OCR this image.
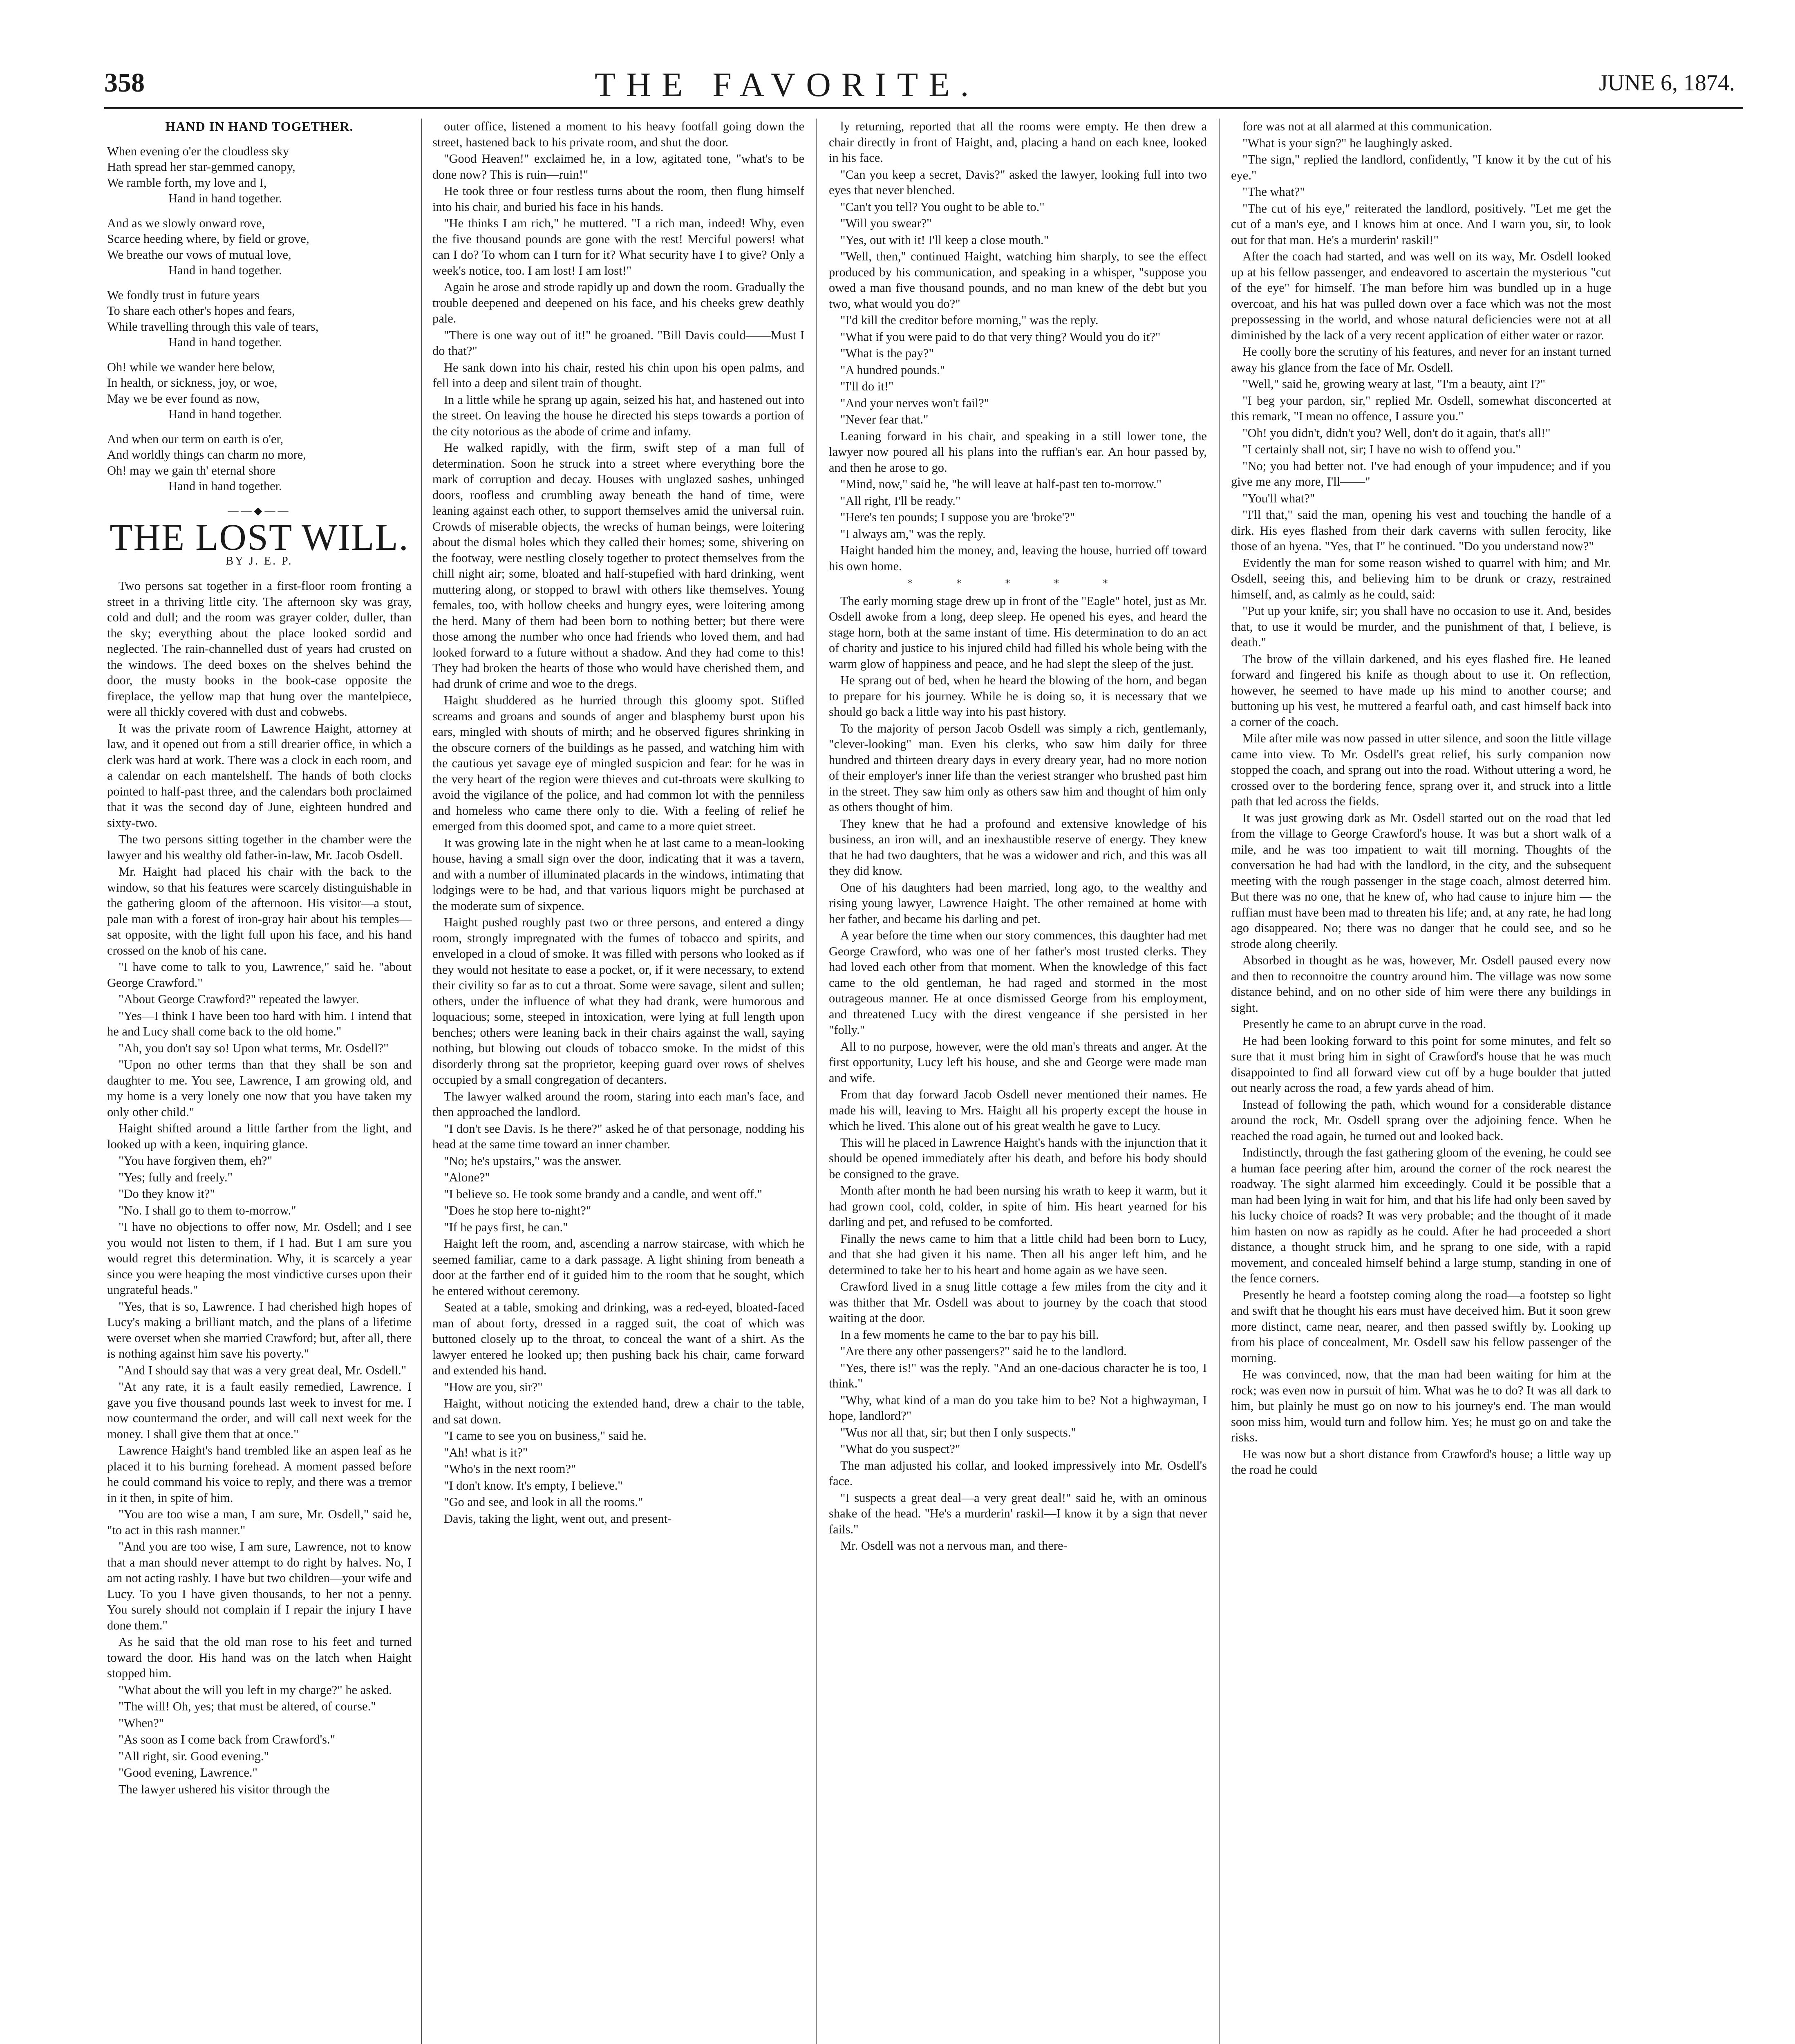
358	THE FAVORITE.	JUNE 6, 1874.
HAND IN HAND TOGETHER.
When evening o'er the cloudless sky
Hath spread her star-gemmed canopy,
We ramble forth, my love and I,
Hand in hand together.
And as we slowly onward rove,
Scarce heeding where, by field or grove,
We breathe our vows of mutual love,
Hand in hand together.
We fondly trust in future years
To share each other's hopes and fears,
While travelling through this vale of tears,
Hand in hand together.
Oh! while we wander here below,
In health, or sickness, joy, or woe,
May we be ever found as now,
Hand in hand together.
And when our term on earth is o'er,
And worldly things can charm no more,
Oh! may we gain th' eternal shore
Hand in hand together.
——◆——
THE LOST WILL.
BY J. E. P.

Two persons sat together in a first-floor room fronting a street in a thriving little city. The afternoon sky was gray, cold and dull; and the room was grayer colder, duller, than the sky; everything about the place looked sordid and neglected. The rain-channelled dust of years had crusted on the windows. The deed boxes on the shelves behind the door, the musty books in the book-case opposite the fireplace, the yellow map that hung over the mantelpiece, were all thickly covered with dust and cobwebs.

It was the private room of Lawrence Haight, attorney at law, and it opened out from a still drearier office, in which a clerk was hard at work. There was a clock in each room, and a calendar on each mantelshelf. The hands of both clocks pointed to half-past three, and the calendars both proclaimed that it was the second day of June, eighteen hundred and sixty-two.

The two persons sitting together in the chamber were the lawyer and his wealthy old father-in-law, Mr. Jacob Osdell.

Mr. Haight had placed his chair with the back to the window, so that his features were scarcely distinguishable in the gathering gloom of the afternoon. His visitor—a stout, pale man with a forest of iron-gray hair about his temples—sat opposite, with the light full upon his face, and his hand crossed on the knob of his cane.

"I have come to talk to you, Lawrence," said he. "about George Crawford."

"About George Crawford?" repeated the lawyer.

"Yes—I think I have been too hard with him. I intend that he and Lucy shall come back to the old home."

"Ah, you don't say so! Upon what terms, Mr. Osdell?"

"Upon no other terms than that they shall be son and daughter to me. You see, Lawrence, I am growing old, and my home is a very lonely one now that you have taken my only other child."

Haight shifted around a little farther from the light, and looked up with a keen, inquiring glance.

"You have forgiven them, eh?"

"Yes; fully and freely."

"Do they know it?"

"No. I shall go to them to-morrow."

"I have no objections to offer now, Mr. Osdell; and I see you would not listen to them, if I had. But I am sure you would regret this determination. Why, it is scarcely a year since you were heaping the most vindictive curses upon their ungrateful heads."

"Yes, that is so, Lawrence. I had cherished high hopes of Lucy's making a brilliant match, and the plans of a lifetime were overset when she married Crawford; but, after all, there is nothing against him save his poverty."

"And I should say that was a very great deal, Mr. Osdell."

"At any rate, it is a fault easily remedied, Lawrence. I gave you five thousand pounds last week to invest for me. I now countermand the order, and will call next week for the money. I shall give them that at once."

Lawrence Haight's hand trembled like an aspen leaf as he placed it to his burning forehead. A moment passed before he could command his voice to reply, and there was a tremor in it then, in spite of him.

"You are too wise a man, I am sure, Mr. Osdell," said he, "to act in this rash manner."

"And you are too wise, I am sure, Lawrence, not to know that a man should never attempt to do right by halves. No, I am not acting rashly. I have but two children—your wife and Lucy. To you I have given thousands, to her not a penny. You surely should not complain if I repair the injury I have done them."

As he said that the old man rose to his feet and turned toward the door. His hand was on the latch when Haight stopped him.

"What about the will you left in my charge?" he asked.

"The will! Oh, yes; that must be altered, of course."

"When?"

"As soon as I come back from Crawford's."

"All right, sir. Good evening."

"Good evening, Lawrence."

The lawyer ushered his visitor through the

outer office, listened a moment to his heavy footfall going down the street, hastened back to his private room, and shut the door.

"Good Heaven!" exclaimed he, in a low, agitated tone, "what's to be done now? This is ruin—ruin!"

He took three or four restless turns about the room, then flung himself into his chair, and buried his face in his hands.

"He thinks I am rich," he muttered. "I a rich man, indeed! Why, even the five thousand pounds are gone with the rest! Merciful powers! what can I do? To whom can I turn for it? What security have I to give? Only a week's notice, too. I am lost! I am lost!"

Again he arose and strode rapidly up and down the room. Gradually the trouble deepened and deepened on his face, and his cheeks grew deathly pale.

"There is one way out of it!" he groaned. "Bill Davis could——Must I do that?"

He sank down into his chair, rested his chin upon his open palms, and fell into a deep and silent train of thought.

In a little while he sprang up again, seized his hat, and hastened out into the street. On leaving the house he directed his steps towards a portion of the city notorious as the abode of crime and infamy.

He walked rapidly, with the firm, swift step of a man full of determination. Soon he struck into a street where everything bore the mark of corruption and decay. Houses with unglazed sashes, unhinged doors, roofless and crumbling away beneath the hand of time, were leaning against each other, to support themselves amid the universal ruin. Crowds of miserable objects, the wrecks of human beings, were loitering about the dismal holes which they called their homes; some, shivering on the footway, were nestling closely together to protect themselves from the chill night air; some, bloated and half-stupefied with hard drinking, went muttering along, or stopped to brawl with others like themselves. Young females, too, with hollow cheeks and hungry eyes, were loitering among the herd. Many of them had been born to nothing better; but there were those among the number who once had friends who loved them, and had looked forward to a future without a shadow. And they had come to this! They had broken the hearts of those who would have cherished them, and had drunk of crime and woe to the dregs.

Haight shuddered as he hurried through this gloomy spot. Stifled screams and groans and sounds of anger and blasphemy burst upon his ears, mingled with shouts of mirth; and he observed figures shrinking in the obscure corners of the buildings as he passed, and watching him with the cautious yet savage eye of mingled suspicion and fear: for he was in the very heart of the region were thieves and cut-throats were skulking to avoid the vigilance of the police, and had common lot with the penniless and homeless who came there only to die. With a feeling of relief he emerged from this doomed spot, and came to a more quiet street.

It was growing late in the night when he at last came to a mean-looking house, having a small sign over the door, indicating that it was a tavern, and with a number of illuminated placards in the windows, intimating that lodgings were to be had, and that various liquors might be purchased at the moderate sum of sixpence.

Haight pushed roughly past two or three persons, and entered a dingy room, strongly impregnated with the fumes of tobacco and spirits, and enveloped in a cloud of smoke. It was filled with persons who looked as if they would not hesitate to ease a pocket, or, if it were necessary, to extend their civility so far as to cut a throat. Some were savage, silent and sullen; others, under the influence of what they had drank, were humorous and loquacious; some, steeped in intoxication, were lying at full length upon benches; others were leaning back in their chairs against the wall, saying nothing, but blowing out clouds of tobacco smoke. In the midst of this disorderly throng sat the proprietor, keeping guard over rows of shelves occupied by a small congregation of decanters.

The lawyer walked around the room, staring into each man's face, and then approached the landlord.

"I don't see Davis. Is he there?" asked he of that personage, nodding his head at the same time toward an inner chamber.

"No; he's upstairs," was the answer.

"Alone?"

"I believe so. He took some brandy and a candle, and went off."

"Does he stop here to-night?"

"If he pays first, he can."

Haight left the room, and, ascending a narrow staircase, with which he seemed familiar, came to a dark passage. A light shining from beneath a door at the farther end of it guided him to the room that he sought, which he entered without ceremony.

Seated at a table, smoking and drinking, was a red-eyed, bloated-faced man of about forty, dressed in a ragged suit, the coat of which was buttoned closely up to the throat, to conceal the want of a shirt. As the lawyer entered he looked up; then pushing back his chair, came forward and extended his hand.

"How are you, sir?"

Haight, without noticing the extended hand, drew a chair to the table, and sat down.

"I came to see you on business," said he.

"Ah! what is it?"

"Who's in the next room?"

"I don't know. It's empty, I believe."

"Go and see, and look in all the rooms."

Davis, taking the light, went out, and present-

ly returning, reported that all the rooms were empty. He then drew a chair directly in front of Haight, and, placing a hand on each knee, looked in his face.

"Can you keep a secret, Davis?" asked the lawyer, looking full into two eyes that never blenched.

"Can't you tell? You ought to be able to."

"Will you swear?"

"Yes, out with it! I'll keep a close mouth."

"Well, then," continued Haight, watching him sharply, to see the effect produced by his communication, and speaking in a whisper, "suppose you owed a man five thousand pounds, and no man knew of the debt but you two, what would you do?"

"I'd kill the creditor before morning," was the reply.

"What if you were paid to do that very thing? Would you do it?"

"What is the pay?"

"A hundred pounds."

"I'll do it!"

"And your nerves won't fail?"

"Never fear that."

Leaning forward in his chair, and speaking in a still lower tone, the lawyer now poured all his plans into the ruffian's ear. An hour passed by, and then he arose to go.

"Mind, now," said he, "he will leave at half-past ten to-morrow."

"All right, I'll be ready."

"Here's ten pounds; I suppose you are 'broke'?"

"I always am," was the reply.

Haight handed him the money, and, leaving the house, hurried off toward his own home.

* * * * *

The early morning stage drew up in front of the "Eagle" hotel, just as Mr. Osdell awoke from a long, deep sleep. He opened his eyes, and heard the stage horn, both at the same instant of time. His determination to do an act of charity and justice to his injured child had filled his whole being with the warm glow of happiness and peace, and he had slept the sleep of the just.

He sprang out of bed, when he heard the blowing of the horn, and began to prepare for his journey. While he is doing so, it is necessary that we should go back a little way into his past history.

To the majority of person Jacob Osdell was simply a rich, gentlemanly, "clever-looking" man. Even his clerks, who saw him daily for three hundred and thirteen dreary days in every dreary year, had no more notion of their employer's inner life than the veriest stranger who brushed past him in the street. They saw him only as others saw him and thought of him only as others thought of him.

They knew that he had a profound and extensive knowledge of his business, an iron will, and an inexhaustible reserve of energy. They knew that he had two daughters, that he was a widower and rich, and this was all they did know.

One of his daughters had been married, long ago, to the wealthy and rising young lawyer, Lawrence Haight. The other remained at home with her father, and became his darling and pet.

A year before the time when our story commences, this daughter had met George Crawford, who was one of her father's most trusted clerks. They had loved each other from that moment. When the knowledge of this fact came to the old gentleman, he had raged and stormed in the most outrageous manner. He at once dismissed George from his employment, and threatened Lucy with the direst vengeance if she persisted in her "folly."

All to no purpose, however, were the old man's threats and anger. At the first opportunity, Lucy left his house, and she and George were made man and wife.

From that day forward Jacob Osdell never mentioned their names. He made his will, leaving to Mrs. Haight all his property except the house in which he lived. This alone out of his great wealth he gave to Lucy.

This will he placed in Lawrence Haight's hands with the injunction that it should be opened immediately after his death, and before his body should be consigned to the grave.

Month after month he had been nursing his wrath to keep it warm, but it had grown cool, cold, colder, in spite of him. His heart yearned for his darling and pet, and refused to be comforted.

Finally the news came to him that a little child had been born to Lucy, and that she had given it his name. Then all his anger left him, and he determined to take her to his heart and home again as we have seen.

Crawford lived in a snug little cottage a few miles from the city and it was thither that Mr. Osdell was about to journey by the coach that stood waiting at the door.

In a few moments he came to the bar to pay his bill.

"Are there any other passengers?" said he to the landlord.

"Yes, there is!" was the reply. "And an one-dacious character he is too, I think."

"Why, what kind of a man do you take him to be? Not a highwayman, I hope, landlord?"

"Wus nor all that, sir; but then I only suspects."

"What do you suspect?"

The man adjusted his collar, and looked impressively into Mr. Osdell's face.

"I suspects a great deal—a very great deal!" said he, with an ominous shake of the head. "He's a murderin' raskil—I know it by a sign that never fails."

Mr. Osdell was not a nervous man, and there-

fore was not at all alarmed at this communication.

"What is your sign?" he laughingly asked.

"The sign," replied the landlord, confidently, "I know it by the cut of his eye."

"The what?"

"The cut of his eye," reiterated the landlord, positively. "Let me get the cut of a man's eye, and I knows him at once. And I warn you, sir, to look out for that man. He's a murderin' raskil!"

After the coach had started, and was well on its way, Mr. Osdell looked up at his fellow passenger, and endeavored to ascertain the mysterious "cut of the eye" for himself. The man before him was bundled up in a huge overcoat, and his hat was pulled down over a face which was not the most prepossessing in the world, and whose natural deficiencies were not at all diminished by the lack of a very recent application of either water or razor.

He coolly bore the scrutiny of his features, and never for an instant turned away his glance from the face of Mr. Osdell.

"Well," said he, growing weary at last, "I'm a beauty, aint I?"

"I beg your pardon, sir," replied Mr. Osdell, somewhat disconcerted at this remark, "I mean no offence, I assure you."

"Oh! you didn't, didn't you? Well, don't do it again, that's all!"

"I certainly shall not, sir; I have no wish to offend you."

"No; you had better not. I've had enough of your impudence; and if you give me any more, I'll——"

"You'll what?"

"I'll that," said the man, opening his vest and touching the handle of a dirk. His eyes flashed from their dark caverns with sullen ferocity, like those of an hyena. "Yes, that I" he continued. "Do you understand now?"

Evidently the man for some reason wished to quarrel with him; and Mr. Osdell, seeing this, and believing him to be drunk or crazy, restrained himself, and, as calmly as he could, said:

"Put up your knife, sir; you shall have no occasion to use it. And, besides that, to use it would be murder, and the punishment of that, I believe, is death."

The brow of the villain darkened, and his eyes flashed fire. He leaned forward and fingered his knife as though about to use it. On reflection, however, he seemed to have made up his mind to another course; and buttoning up his vest, he muttered a fearful oath, and cast himself back into a corner of the coach.

Mile after mile was now passed in utter silence, and soon the little village came into view. To Mr. Osdell's great relief, his surly companion now stopped the coach, and sprang out into the road. Without uttering a word, he crossed over to the bordering fence, sprang over it, and struck into a little path that led across the fields.

It was just growing dark as Mr. Osdell started out on the road that led from the village to George Crawford's house. It was but a short walk of a mile, and he was too impatient to wait till morning. Thoughts of the conversation he had had with the landlord, in the city, and the subsequent meeting with the rough passenger in the stage coach, almost deterred him. But there was no one, that he knew of, who had cause to injure him — the ruffian must have been mad to threaten his life; and, at any rate, he had long ago disappeared. No; there was no danger that he could see, and so he strode along cheerily.

Absorbed in thought as he was, however, Mr. Osdell paused every now and then to reconnoitre the country around him. The village was now some distance behind, and on no other side of him were there any buildings in sight.

Presently he came to an abrupt curve in the road.

He had been looking forward to this point for some minutes, and felt so sure that it must bring him in sight of Crawford's house that he was much disappointed to find all forward view cut off by a huge boulder that jutted out nearly across the road, a few yards ahead of him.

Instead of following the path, which wound for a considerable distance around the rock, Mr. Osdell sprang over the adjoining fence. When he reached the road again, he turned out and looked back.

Indistinctly, through the fast gathering gloom of the evening, he could see a human face peering after him, around the corner of the rock nearest the roadway. The sight alarmed him exceedingly. Could it be possible that a man had been lying in wait for him, and that his life had only been saved by his lucky choice of roads? It was very probable; and the thought of it made him hasten on now as rapidly as he could. After he had proceeded a short distance, a thought struck him, and he sprang to one side, with a rapid movement, and concealed himself behind a large stump, standing in one of the fence corners.

Presently he heard a footstep coming along the road—a footstep so light and swift that he thought his ears must have deceived him. But it soon grew more distinct, came near, nearer, and then passed swiftly by. Looking up from his place of concealment, Mr. Osdell saw his fellow passenger of the morning.

He was convinced, now, that the man had been waiting for him at the rock; was even now in pursuit of him. What was he to do? It was all dark to him, but plainly he must go on now to his journey's end. The man would soon miss him, would turn and follow him. Yes; he must go on and take the risks.

He was now but a short distance from Crawford's house; a little way up the road he could
